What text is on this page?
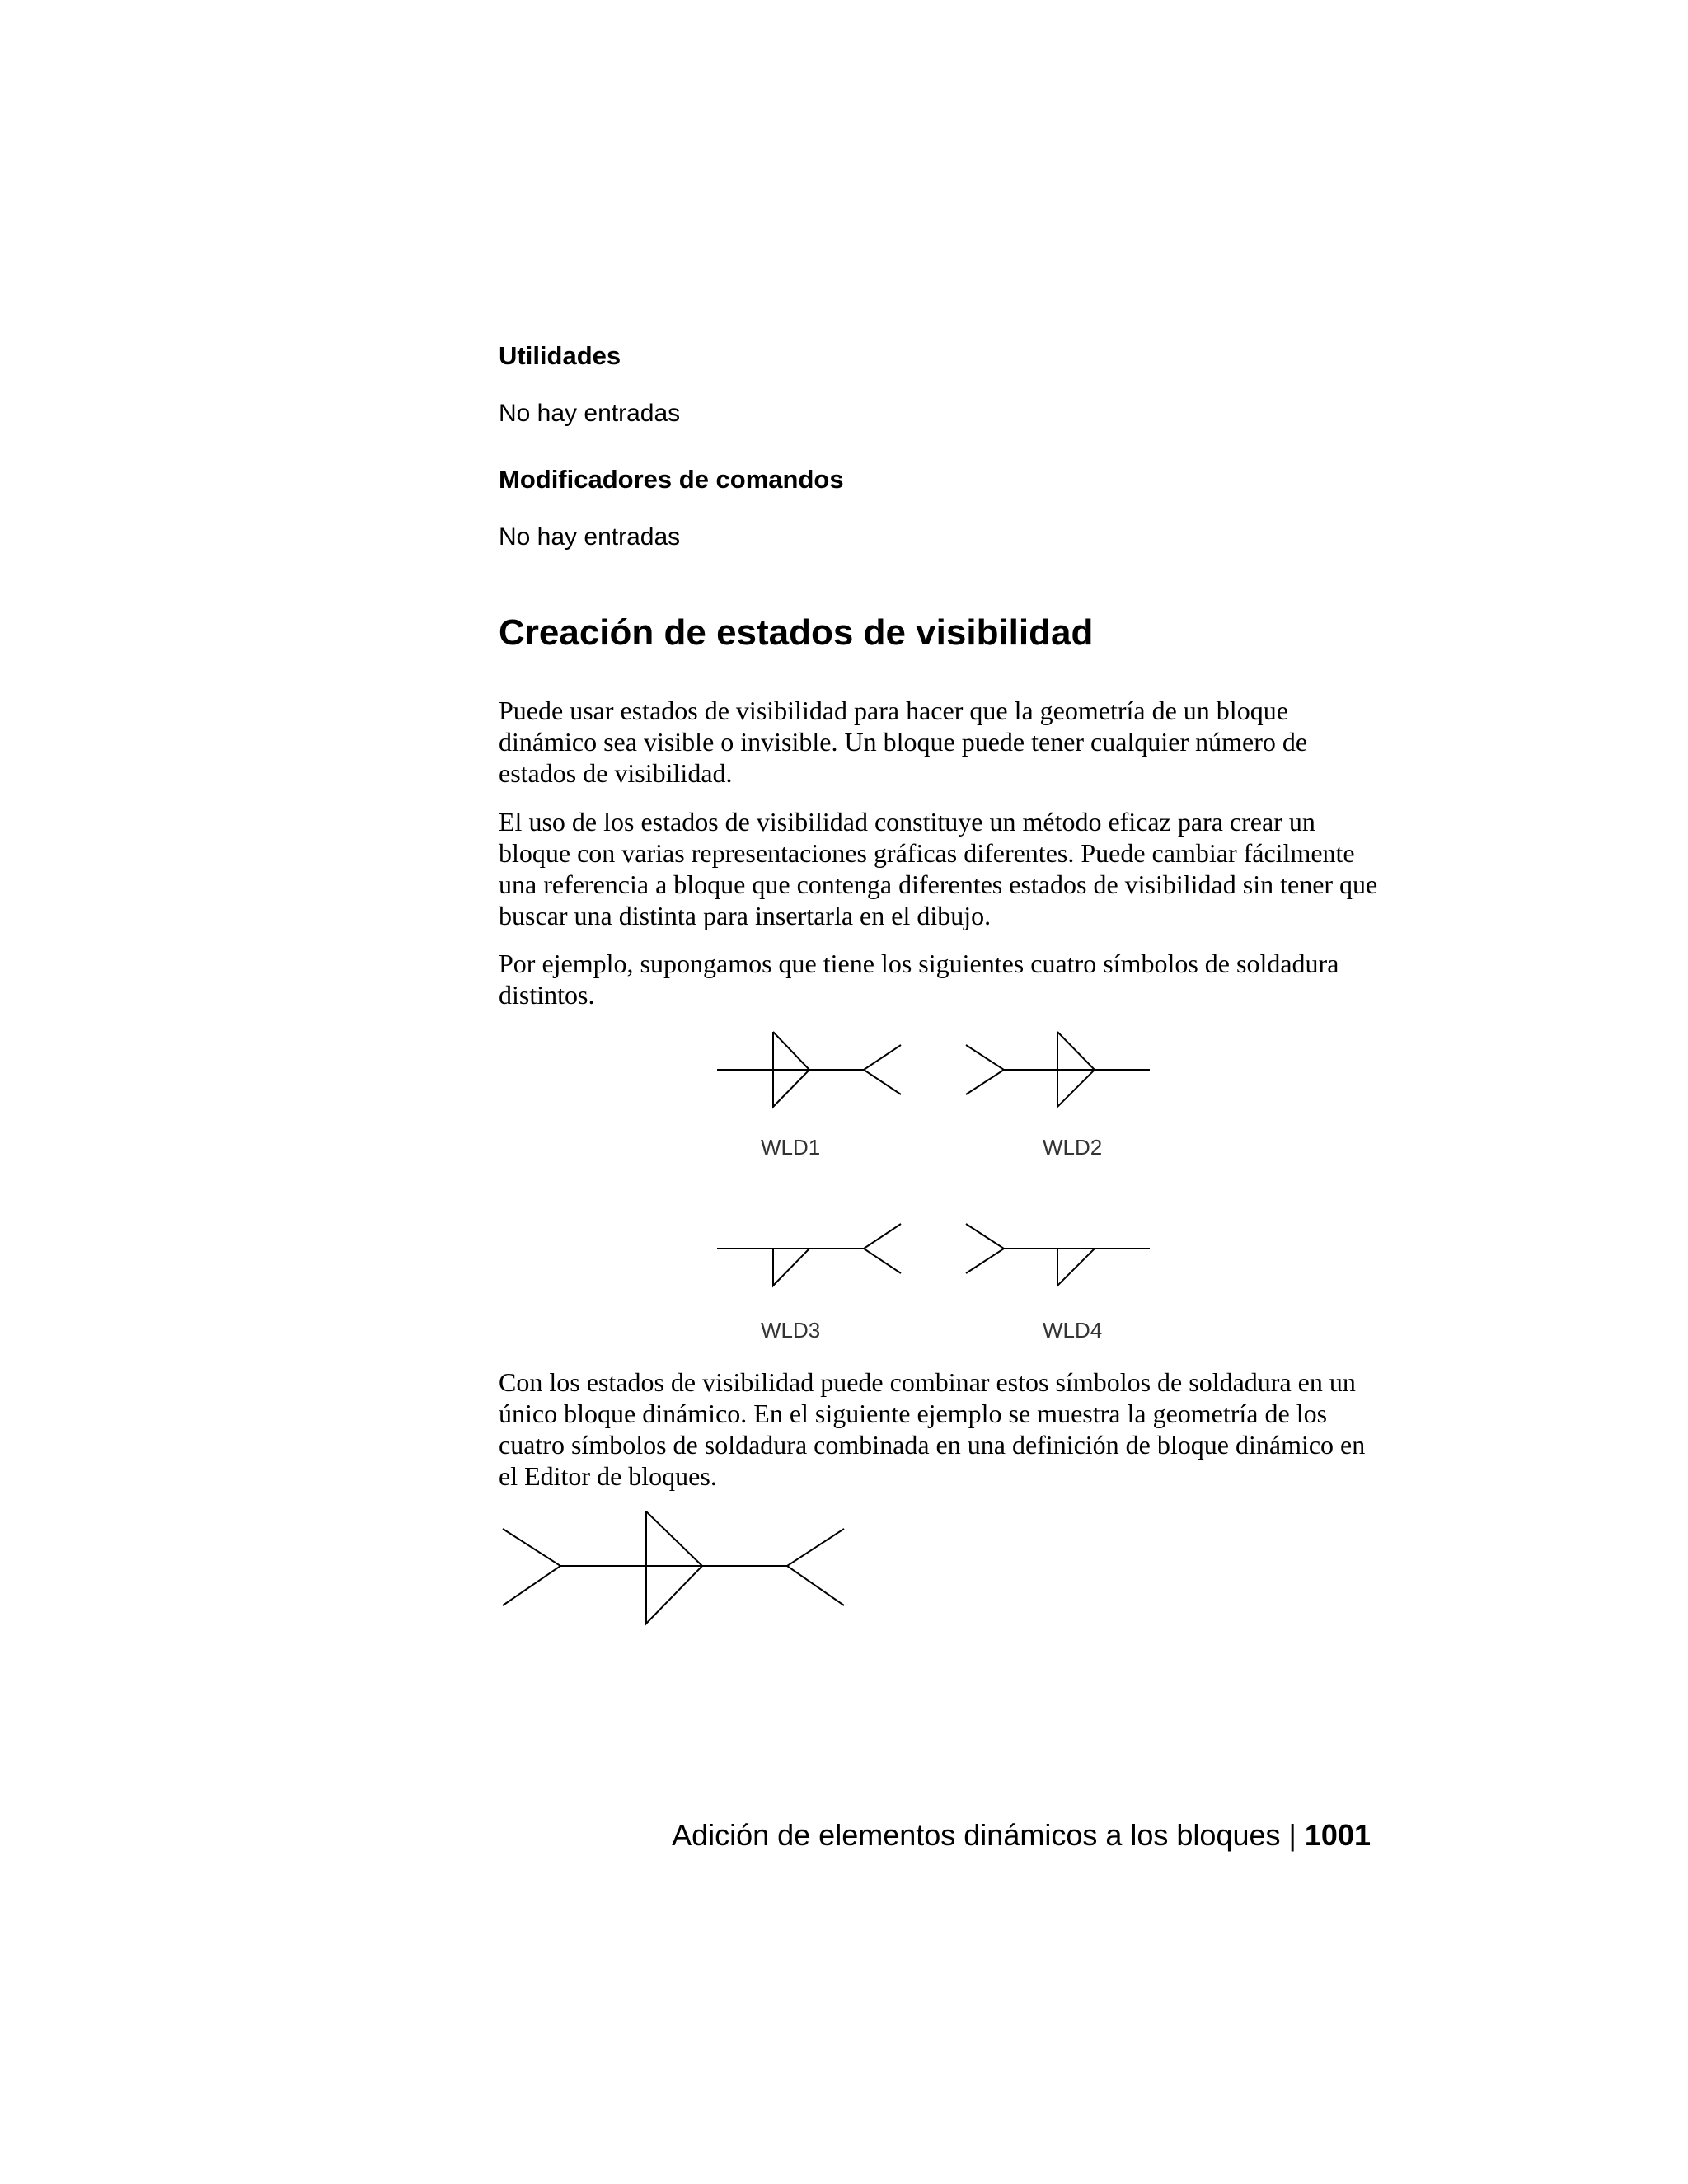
Utilidades

No hay entradas

Modificadores de comandos

No hay entradas

Creación de estados de visibilidad

Puede usar estados de visibilidad para hacer que la geometría de un bloque dinámico sea visible o invisible. Un bloque puede tener cualquier número de estados de visibilidad.

El uso de los estados de visibilidad constituye un método eficaz para crear un bloque con varias representaciones gráficas diferentes. Puede cambiar fácilmente una referencia a bloque que contenga diferentes estados de visibilidad sin tener que buscar una distinta para insertarla en el dibujo.

Por ejemplo, supongamos que tiene los siguientes cuatro símbolos de soldadura distintos.

WLD1	WLD2
WLD3	WLD4

Con los estados de visibilidad puede combinar estos símbolos de soldadura en un único bloque dinámico. En el siguiente ejemplo se muestra la geometría de los cuatro símbolos de soldadura combinada en una definición de bloque dinámico en el Editor de bloques.

Adición de elementos dinámicos a los bloques | 1001
